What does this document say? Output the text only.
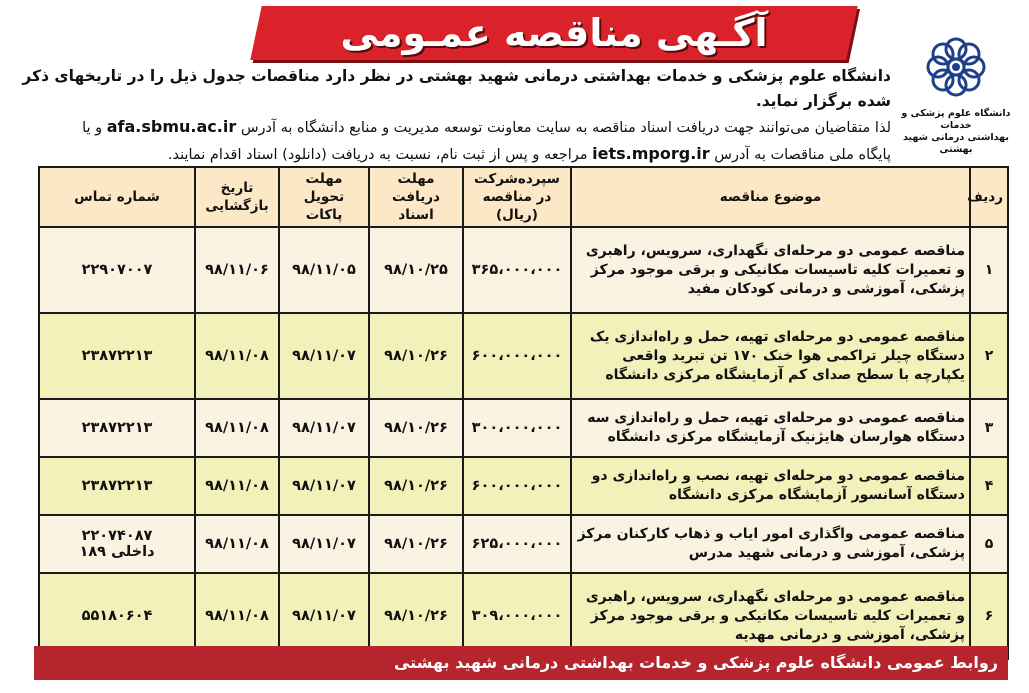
آگـهی مناقصه عمـومی
دانشگاه علوم پزشکی و خدمات
بهداشتی درمانی شهید بهشتی
دانشگاه علوم پزشکی و خدمات بهداشتی درمانی شهید بهشتی در نظر دارد مناقصات جدول ذیل را در تاریخهای ذکر شده برگزار نماید.
لذا متقاضیان می‌توانند جهت دریافت اسناد مناقصه به سایت معاونت توسعه مدیریت و منابع دانشگاه به آدرس afa.sbmu.ac.ir و یا
پایگاه ملی مناقصات به آدرس iets.mporg.ir مراجعه و پس از ثبت نام، نسبت به دریافت (دانلود) اسناد اقدام نمایند.
ردیف	موضوع مناقصه	سپرده‌شرکت در مناقصه (ریال)	مهلت دریافت اسناد	مهلت تحویل پاکات	تاریخ بازگشایی	شماره تماس
۱	مناقصه عمومی دو مرحله‌ای نگهداری، سرویس، راهبری و تعمیرات کلیه تاسیسات مکانیکی و برقی موجود مرکز پزشکی، آموزشی و درمانی کودکان مفید	۳۶۵،۰۰۰،۰۰۰	۹۸/۱۰/۲۵	۹۸/۱۱/۰۵	۹۸/۱۱/۰۶	۲۲۹۰۷۰۰۷
۲	مناقصه عمومی دو مرحله‌ای تهیه، حمل و راه‌اندازی یک دستگاه چیلر تراکمی هوا خنک ۱۷۰ تن تبرید واقعی یکپارچه با سطح صدای کم آزمایشگاه مرکزی دانشگاه	۶۰۰،۰۰۰،۰۰۰	۹۸/۱۰/۲۶	۹۸/۱۱/۰۷	۹۸/۱۱/۰۸	۲۳۸۷۲۲۱۳
۳	مناقصه عمومی دو مرحله‌ای تهیه، حمل و راه‌اندازی سه دستگاه هوارسان هایژنیک آزمایشگاه مرکزی دانشگاه	۳۰۰،۰۰۰،۰۰۰	۹۸/۱۰/۲۶	۹۸/۱۱/۰۷	۹۸/۱۱/۰۸	۲۳۸۷۲۲۱۳
۴	مناقصه عمومی دو مرحله‌ای تهیه، نصب و راه‌اندازی دو دستگاه آسانسور آزمایشگاه مرکزی دانشگاه	۶۰۰،۰۰۰،۰۰۰	۹۸/۱۰/۲۶	۹۸/۱۱/۰۷	۹۸/۱۱/۰۸	۲۳۸۷۲۲۱۳
۵	مناقصه عمومی واگذاری امور ایاب و ذهاب کارکنان مرکز پزشکی، آموزشی و درمانی شهید مدرس	۶۲۵،۰۰۰،۰۰۰	۹۸/۱۰/۲۶	۹۸/۱۱/۰۷	۹۸/۱۱/۰۸	۲۲۰۷۴۰۸۷
داخلی ۱۸۹

۶	مناقصه عمومی دو مرحله‌ای نگهداری، سرویس، راهبری و تعمیرات کلیه تاسیسات مکانیکی و برقی موجود مرکز پزشکی، آموزشی و درمانی مهدیه	۳۰۹،۰۰۰،۰۰۰	۹۸/۱۰/۲۶	۹۸/۱۱/۰۷	۹۸/۱۱/۰۸	۵۵۱۸۰۶۰۴
روابط عمومی دانشگاه علوم پزشکی و خدمات بهداشتی درمانی شهید بهشتی
